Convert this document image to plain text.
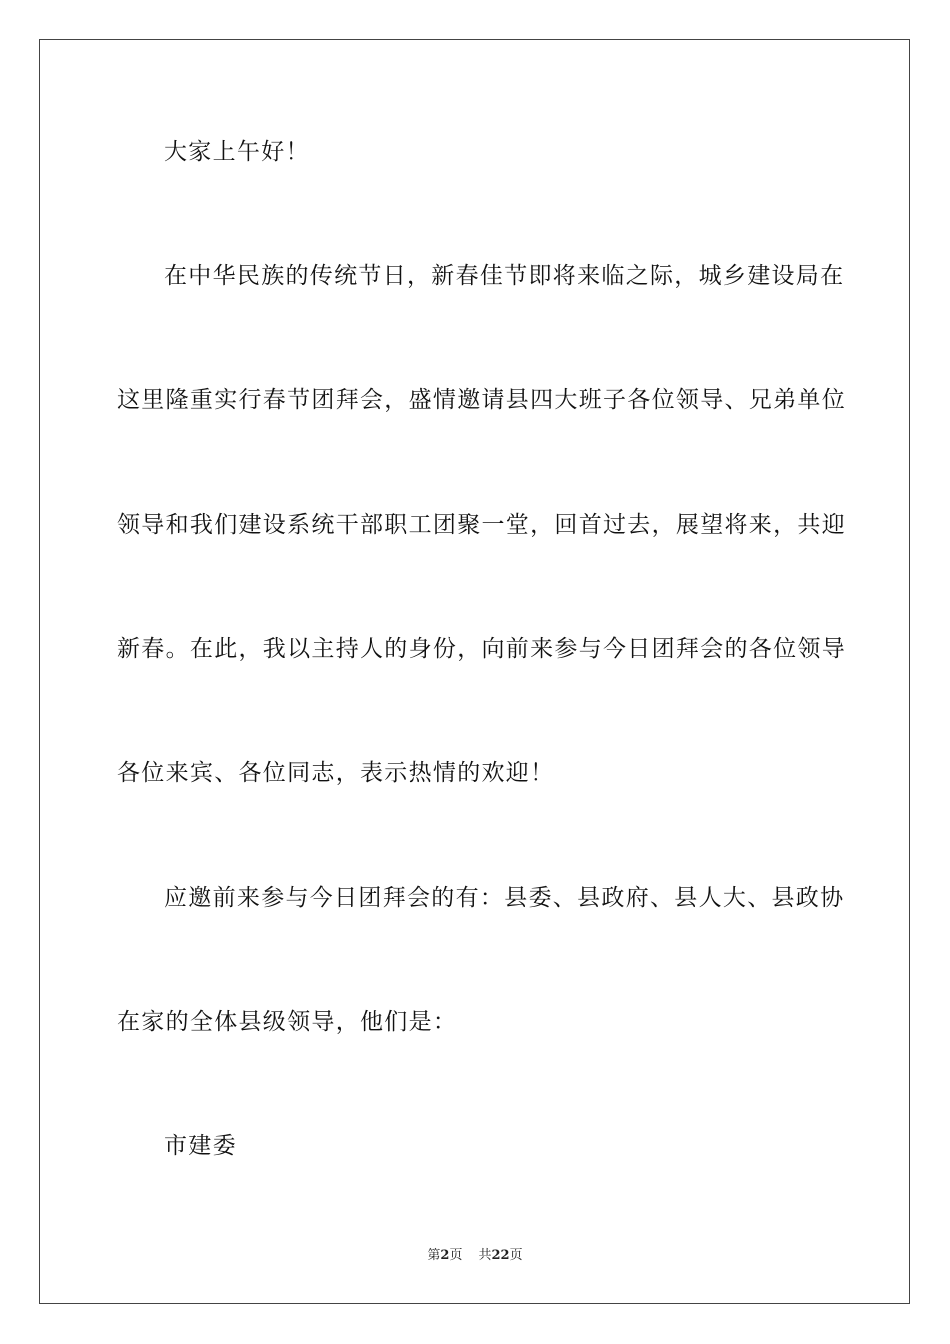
大家上午好！
在中华民族的传统节日，新春佳节即将来临之际，城乡建设局在
这里隆重实行春节团拜会，盛情邀请县四大班子各位领导、兄弟单位
领导和我们建设系统干部职工团聚一堂，回首过去，展望将来，共迎
新春。在此，我以主持人的身份，向前来参与今日团拜会的各位领导
各位来宾、各位同志，表示热情的欢迎！
应邀前来参与今日团拜会的有：县委、县政府、县人大、县政协
在家的全体县级领导，他们是：
市建委
第2页 共22页
